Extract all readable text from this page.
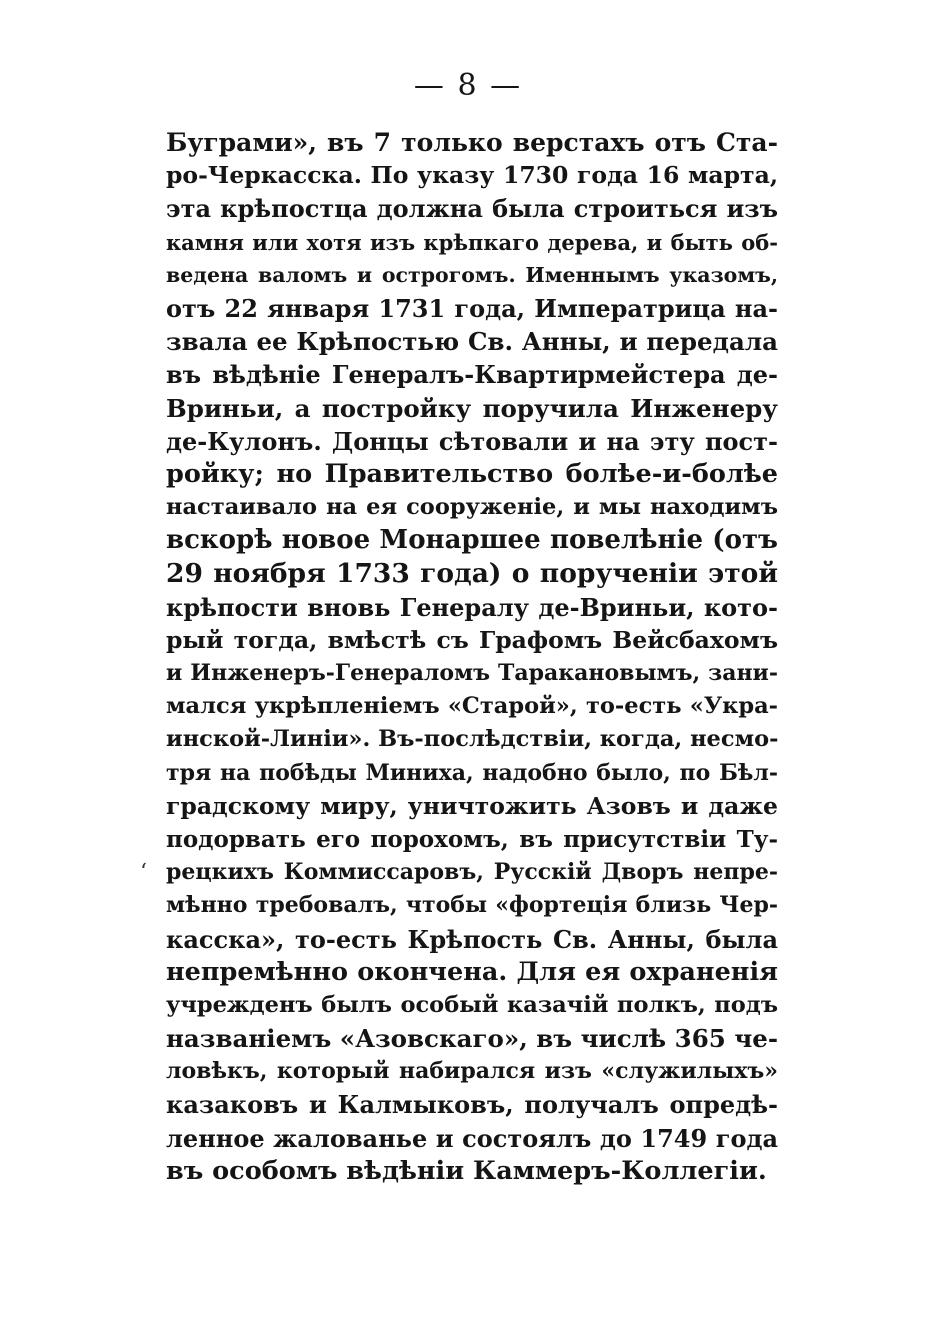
— 8 —
‘
Буграми», въ 7 только верстахъ отъ Ста-
ро-Черкасска. По указу 1730 года 16 марта,
эта крѣпостца должна была строиться изъ
камня или хотя изъ крѣпкаго дерева, и быть об-
ведена валомъ и острогомъ. Именнымъ указомъ,
отъ 22 января 1731 года, Императрица на-
звала ее Крѣпостью Св. Анны, и передала
въ вѣдѣніе Генералъ-Квартирмейстера де-
Вриньи, а постройку поручила Инженеру
де-Кулонъ. Донцы сѣтовали и на эту пост-
ройку; но Правительство болѣе-и-болѣе
настаивало на ея сооруженіе, и мы находимъ
вскорѣ новое Монаршее повелѣніе (отъ
29 ноября 1733 года) о порученіи этой
крѣпости вновь Генералу де-Вриньи, кото-
рый тогда, вмѣстѣ съ Графомъ Вейсбахомъ
и Инженеръ-Генераломъ Таракановымъ, зани-
мался укрѣпленіемъ «Старой», то-есть «Укра-
инской-Линіи». Въ-послѣдствіи, когда, несмо-
тря на побѣды Миниха, надобно было, по Бѣл-
градскому миру, уничтожить Азовъ и даже
подорвать его порохомъ, въ присутствіи Ту-
рецкихъ Коммиссаровъ, Русскій Дворъ непре-
мѣнно требовалъ, чтобы «фортеція близь Чер-
касска», то-есть Крѣпость Св. Анны, была
непремѣнно окончена. Для ея охраненія
учрежденъ былъ особый казачій полкъ, подъ
названіемъ «Азовскаго», въ числѣ 365 че-
ловѣкъ, который набирался изъ «служилыхъ»
казаковъ и Калмыковъ, получалъ опредѣ-
ленное жалованье и состоялъ до 1749 года
въ особомъ вѣдѣніи Каммеръ-Коллегіи.
